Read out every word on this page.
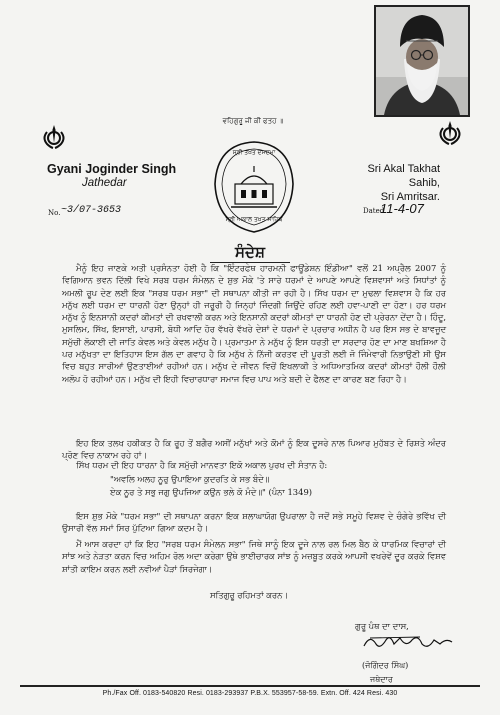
ਵਹਿਗੁਰੂ ਜੀ ਕੀ ਫਤਹ ॥
Gyani Joginder Singh
Jathedar
ਸ੍ਰੀ ਤਖ਼ਤ ਦਮਦਮਾ
ਸ੍ਰੀ ਅਕਾਲ ਤਖ਼ਤ ਸਾਹਿਬ
Sri Akal Takhat Sahib,
Sri Amritsar.
No. ~3/07-3653	Dated
11-4-07
ਸੰਦੇਸ਼
ਮੈਨੂੰ ਇਹ ਜਾਣਕੇ ਅਤੀ ਪ੍ਰਸੰਨਤਾ ਹੋਈ ਹੈ ਕਿ "ਇੰਟਰਫੇਥ ਹਾਰਮਨੀ ਫਾਊਂਡੇਸ਼ਨ ਇੰਡੀਆ" ਵਲੋਂ 21 ਅਪ੍ਰੈਲ 2007 ਨੂੰ ਵਿਗਿਆਨ ਭਵਨ ਦਿੱਲੀ ਵਿਖੇ ਸਰਬ ਧਰਮ ਸੰਮੇਲਨ ਦੇ ਸ਼ੁਭ ਮੌਕੇ 'ਤੇ ਸਾਰੇ ਧਰਮਾਂ ਦੇ ਆਪਣੇ ਆਪਣੇ ਵਿਸ਼ਵਾਸਾਂ ਅਤੇ ਸਿਧਾਂਤਾਂ ਨੂੰ ਅਮਲੀ ਰੂਪ ਦੇਣ ਲਈ ਇਕ "ਸਰਬ ਧਰਮ ਸਭਾ" ਦੀ ਸਥਾਪਨਾ ਕੀਤੀ ਜਾ ਰਹੀ ਹੈ। ਸਿੱਖ ਧਰਮ ਦਾ ਮੁਢਲਾ ਵਿਸ਼ਵਾਸ ਹੈ ਕਿ ਹਰ ਮਨੁੱਖ ਲਈ ਧਰਮ ਦਾ ਧਾਰਨੀ ਹੋਣਾ ਉਨ੍ਹਾਂ ਹੀ ਜਰੂਰੀ ਹੈ ਜਿਨ੍ਹਾਂ ਜਿੰਦਗੀ ਜਿਉਂਦੇ ਰਹਿਣ ਲਈ ਹਵਾ-ਪਾਣੀ ਦਾ ਹੋਣਾ। ਹਰ ਧਰਮ ਮਨੁੱਖ ਨੂੰ ਇਨਸਾਨੀ ਕਦਰਾਂ ਕੀਮਤਾਂ ਦੀ ਰਖਵਾਲੀ ਕਰਨ ਅਤੇ ਇਨਸਾਨੀ ਕਦਰਾਂ ਕੀਮਤਾਂ ਦਾ ਧਾਰਨੀ ਹੋਣ ਦੀ ਪ੍ਰੇਰਨਾ ਦੇਂਦਾ ਹੈ। ਹਿੰਦੂ, ਮੁਸਲਿਮ, ਸਿੱਖ, ਇਸਾਈ, ਪਾਰਸੀ, ਬੋਧੀ ਆਦਿ ਹੋਰ ਵੱਖਰੇ ਵੱਖਰੇ ਦੇਸ਼ਾਂ ਦੇ ਧਰਮਾਂ ਦੇ ਪ੍ਰਚਾਰ ਅਧੀਨ ਹੈ ਪਰ ਇਸ ਸਭ ਦੇ ਬਾਵਜੂਦ ਸਮੁੱਚੀ ਲੋਕਾਈ ਦੀ ਜਾਤਿ ਕੇਵਲ ਅਤੇ ਕੇਵਲ ਮਨੁੱਖ ਹੈ। ਪ੍ਰਮਾਤਮਾ ਨੇ ਮਨੁੱਖ ਨੂੰ ਇਸ ਧਰਤੀ ਦਾ ਸਰਦਾਰ ਹੋਣ ਦਾ ਮਾਣ ਬਖਸ਼ਿਆ ਹੈ ਪਰ ਮਨੁੱਖਤਾ ਦਾ ਇਤਿਹਾਸ ਇਸ ਗੱਲ ਦਾ ਗਵਾਹ ਹੈ ਕਿ ਮਨੁੱਖ ਨੇ ਨਿੱਜੀ ਕਰਤਵ ਦੀ ਪੂਰਤੀ ਲਈ ਜੋ ਜਿੰਮੇਵਾਰੀ ਨਿਭਾਉਣੀ ਸੀ ਉਸ ਵਿਚ ਬਹੁਤ ਸਾਰੀਆਂ ਉਣਤਾਈਆਂ ਰਹੀਆਂ ਹਨ। ਮਨੁੱਖ ਦੇ ਜੀਵਨ ਵਿਚੋਂ ਇਖਲਾਕੀ ਤੇ ਅਧਿਆਤਮਿਕ ਕਦਰਾਂ ਕੀਮਤਾਂ ਹੌਲੀ ਹੌਲੀ ਅਲੋਪ ਹੋ ਰਹੀਆਂ ਹਨ। ਮਨੁੱਖ ਦੀ ਇਹੀ ਵਿਚਾਰਧਾਰਾ ਸਮਾਜ ਵਿਚ ਪਾਪ ਅਤੇ ਬਦੀ ਦੇ ਫੈਲਣ ਦਾ ਕਾਰਣ ਬਣ ਰਿਹਾ ਹੈ।
ਇਹ ਇਕ ਤਲਖ ਹਕੀਕਤ ਹੈ ਕਿ ਰੂਹ ਤੋਂ ਬਗੈਰ ਅਸੀਂ ਮਨੁੱਖਾਂ ਅਤੇ ਕੌਮਾਂ ਨੂੰ ਇਕ ਦੂਸਰੇ ਨਾਲ ਪਿਆਰ ਮੁਹੱਬਤ ਦੇ ਰਿਸ਼ਤੇ ਅੰਦਰ ਪ੍ਰੋਣ ਵਿਚ ਨਾਕਾਮ ਰਹੇ ਹਾਂ।
ਸਿੱਖ ਧਰਮ ਦੀ ਇਹ ਧਾਰਨਾ ਹੈ ਕਿ ਸਮੁੱਚੀ ਮਾਨਵਤਾ ਇਕੋ ਅਕਾਲ ਪੁਰਖ ਦੀ ਸੰਤਾਨ ਹੈ:
"ਅਵਲਿ ਅਲਹ ਨੂਰੁ ਉਪਾਇਆ ਕੁਦਰਤਿ ਕੇ ਸਭ ਬੰਦੇ॥
ਏਕ ਨੂਰ ਤੇ ਸਭੁ ਜਗੁ ਉਪਜਿਆ ਕਉਨ ਭਲੇ ਕੋ ਮੰਦੇ॥" (ਪੰਨਾ 1349)
ਇਸ ਸ਼ੁਭ ਮੌਕੇ "ਧਰਮ ਸਭਾ" ਦੀ ਸਥਾਪਨਾ ਕਰਨਾ ਇਕ ਸ਼ਲਾਘਾਯੋਗ ਉਪਰਾਲਾ ਹੈ ਜਦੋਂ ਸਭੇ ਸਮੂਹੇ ਵਿਸ਼ਵ ਦੇ ਚੰਗੇਰੇ ਭਵਿੱਖ ਦੀ ਉਸਾਰੀ ਵੱਲ ਸਮਾਂ ਸਿਰ ਪੁੱਟਿਆ ਗਿਆ ਕਦਮ ਹੈ।
ਮੈਂ ਆਸ ਕਰਦਾ ਹਾਂ ਕਿ ਇਹ "ਸਰਬ ਧਰਮ ਸੰਮੇਲਨ ਸਭਾ" ਜਿਥੇ ਸਾਨੂੰ ਇਕ ਦੂਜੇ ਨਾਲ ਰਲ ਮਿਲ ਬੈਠ ਕੇ ਧਾਰਮਿਕ ਵਿਚਾਰਾਂ ਦੀ ਸਾਂਝ ਅਤੇ ਨੇੜਤਾ ਕਰਨ ਵਿਚ ਅਹਿਮ ਰੋਲ ਅਦਾ ਕਰੇਗਾ ਉਥੇ ਭਾਈਚਾਰਕ ਸਾਂਝ ਨੂੰ ਮਜ਼ਬੂਤ ਕਰਕੇ ਆਪਸੀ ਵਖਰੇਵੇਂ ਦੂਰ ਕਰਕੇ ਵਿਸ਼ਵ ਸ਼ਾਂਤੀ ਕਾਇਮ ਕਰਨ ਲਈ ਨਵੀਆਂ ਪੈੜਾਂ ਸਿਰਜੇਗਾ।
ਸਤਿਗੁਰੂ ਰਹਿਮਤਾਂ ਕਰਨ।
ਗੁਰੂ ਪੰਥ ਦਾ ਦਾਸ,
(ਜੋਗਿੰਦਰ ਸਿੰਘ)
ਜਥੇਦਾਰ
Ph./Fax Off. 0183-540820 Resi. 0183-293937 P.B.X. 553957-58-59. Extn. Off. 424 Resi. 430
